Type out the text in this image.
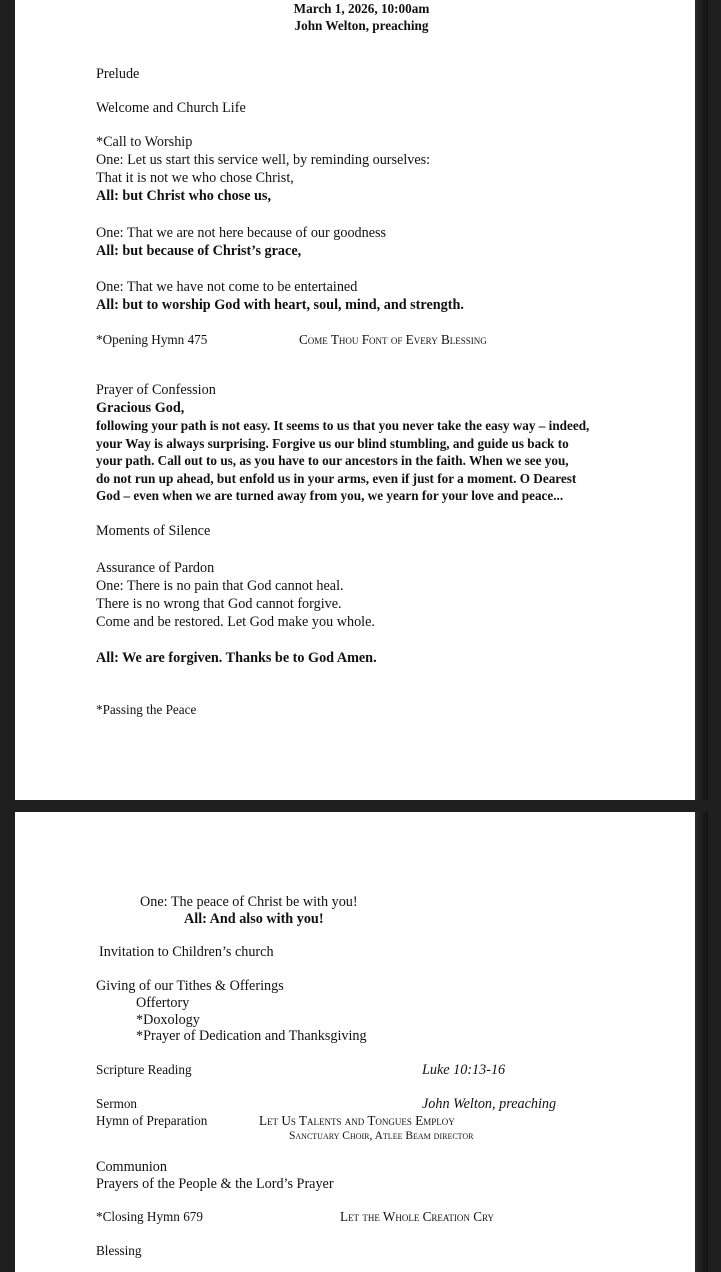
March 1, 2026, 10:00am
John Welton, preaching
Prelude
Welcome and Church Life
*Call to Worship
One: Let us start this service well, by reminding ourselves:
That it is not we who chose Christ,
All: but Christ who chose us,
One: That we are not here because of our goodness
All: but because of Christ’s grace,
One: That we have not come to be entertained
All: but to worship God with heart, soul, mind, and strength.
*Opening Hymn 475	Come Thou Font of Every Blessing
Prayer of Confession
Gracious God,
following your path is not easy. It seems to us that you never take the easy way – indeed,
your Way is always surprising. Forgive us our blind stumbling, and guide us back to
your path. Call out to us, as you have to our ancestors in the faith. When we see you,
do not run up ahead, but enfold us in your arms, even if just for a moment. O Dearest
God – even when we are turned away from you, we yearn for your love and peace...
Moments of Silence
Assurance of Pardon
One: There is no pain that God cannot heal.
There is no wrong that God cannot forgive.
Come and be restored. Let God make you whole.
All: We are forgiven. Thanks be to God Amen.
*Passing the Peace
One: The peace of Christ be with you!
All: And also with you!
Invitation to Children’s church
Giving of our Tithes & Offerings
Offertory
*Doxology
*Prayer of Dedication and Thanksgiving
Scripture Reading	Luke 10:13-16
Sermon	John Welton, preaching
Hymn of Preparation	Let Us Talents and Tongues Employ
Sanctuary Choir, Atlee Beam director
Communion
Prayers of the People & the Lord’s Prayer
*Closing Hymn 679	Let the Whole Creation Cry
Blessing
